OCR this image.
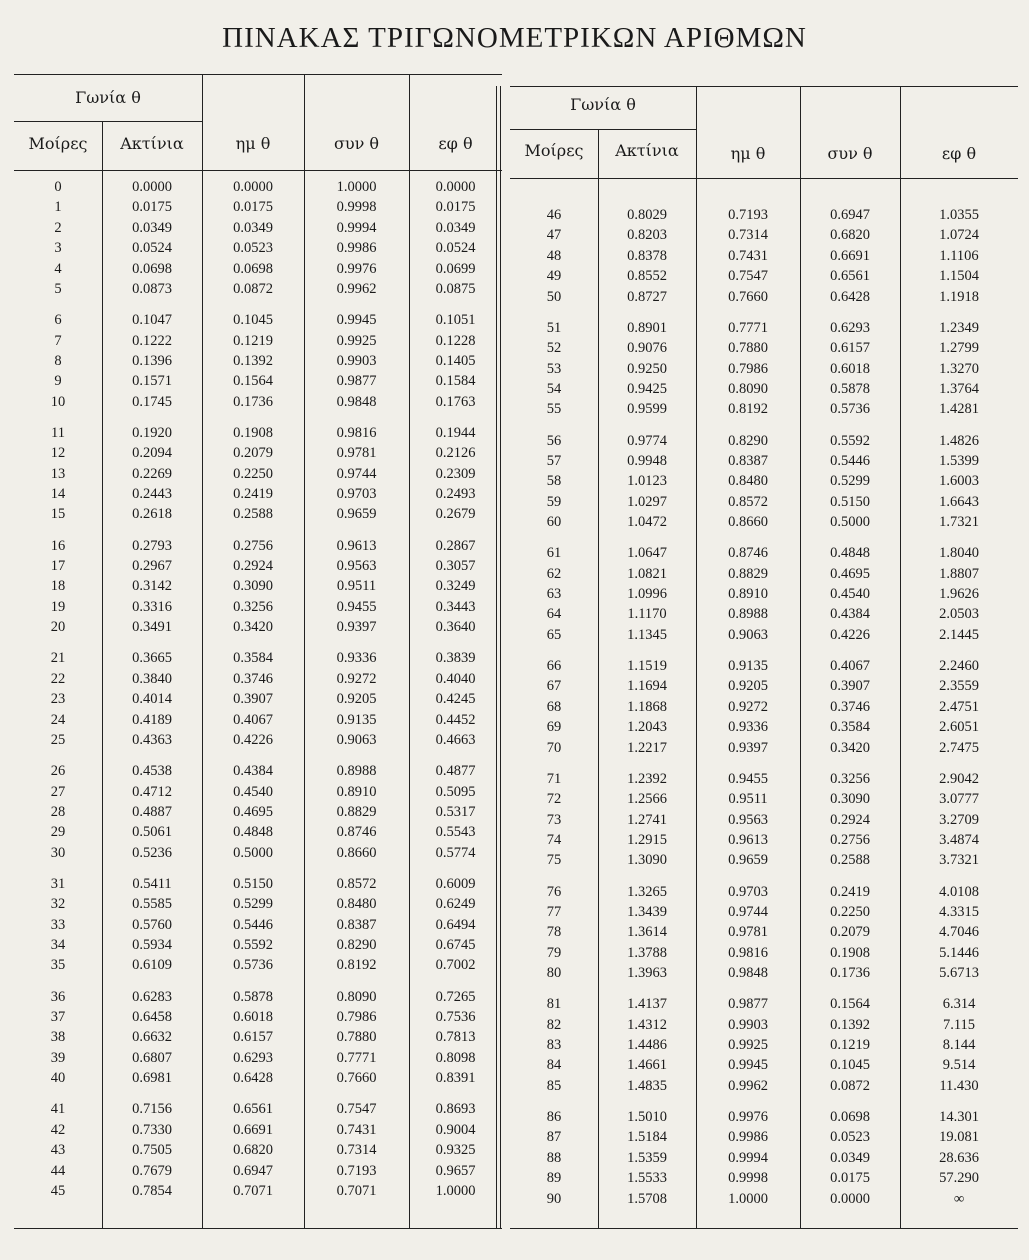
ΠΙΝΑΚΑΣ ΤΡΙΓΩΝΟΜΕΤΡΙΚΩΝ ΑΡΙΘΜΩΝ
Γωνία θ
Μοίρες	Ακτίνια	ημ θ	συν θ	εφ θ
0	0.0000	0.0000	1.0000	0.0000
1	0.0175	0.0175	0.9998	0.0175
2	0.0349	0.0349	0.9994	0.0349
3	0.0524	0.0523	0.9986	0.0524
4	0.0698	0.0698	0.9976	0.0699
5	0.0873	0.0872	0.9962	0.0875
6	0.1047	0.1045	0.9945	0.1051
7	0.1222	0.1219	0.9925	0.1228
8	0.1396	0.1392	0.9903	0.1405
9	0.1571	0.1564	0.9877	0.1584
10	0.1745	0.1736	0.9848	0.1763
11	0.1920	0.1908	0.9816	0.1944
12	0.2094	0.2079	0.9781	0.2126
13	0.2269	0.2250	0.9744	0.2309
14	0.2443	0.2419	0.9703	0.2493
15	0.2618	0.2588	0.9659	0.2679
16	0.2793	0.2756	0.9613	0.2867
17	0.2967	0.2924	0.9563	0.3057
18	0.3142	0.3090	0.9511	0.3249
19	0.3316	0.3256	0.9455	0.3443
20	0.3491	0.3420	0.9397	0.3640
21	0.3665	0.3584	0.9336	0.3839
22	0.3840	0.3746	0.9272	0.4040
23	0.4014	0.3907	0.9205	0.4245
24	0.4189	0.4067	0.9135	0.4452
25	0.4363	0.4226	0.9063	0.4663
26	0.4538	0.4384	0.8988	0.4877
27	0.4712	0.4540	0.8910	0.5095
28	0.4887	0.4695	0.8829	0.5317
29	0.5061	0.4848	0.8746	0.5543
30	0.5236	0.5000	0.8660	0.5774
31	0.5411	0.5150	0.8572	0.6009
32	0.5585	0.5299	0.8480	0.6249
33	0.5760	0.5446	0.8387	0.6494
34	0.5934	0.5592	0.8290	0.6745
35	0.6109	0.5736	0.8192	0.7002
36	0.6283	0.5878	0.8090	0.7265
37	0.6458	0.6018	0.7986	0.7536
38	0.6632	0.6157	0.7880	0.7813
39	0.6807	0.6293	0.7771	0.8098
40	0.6981	0.6428	0.7660	0.8391
41	0.7156	0.6561	0.7547	0.8693
42	0.7330	0.6691	0.7431	0.9004
43	0.7505	0.6820	0.7314	0.9325
44	0.7679	0.6947	0.7193	0.9657
45	0.7854	0.7071	0.7071	1.0000
Γωνία θ
Μοίρες	Ακτίνια	ημ θ	συν θ	εφ θ
46	0.8029	0.7193	0.6947	1.0355
47	0.8203	0.7314	0.6820	1.0724
48	0.8378	0.7431	0.6691	1.1106
49	0.8552	0.7547	0.6561	1.1504
50	0.8727	0.7660	0.6428	1.1918
51	0.8901	0.7771	0.6293	1.2349
52	0.9076	0.7880	0.6157	1.2799
53	0.9250	0.7986	0.6018	1.3270
54	0.9425	0.8090	0.5878	1.3764
55	0.9599	0.8192	0.5736	1.4281
56	0.9774	0.8290	0.5592	1.4826
57	0.9948	0.8387	0.5446	1.5399
58	1.0123	0.8480	0.5299	1.6003
59	1.0297	0.8572	0.5150	1.6643
60	1.0472	0.8660	0.5000	1.7321
61	1.0647	0.8746	0.4848	1.8040
62	1.0821	0.8829	0.4695	1.8807
63	1.0996	0.8910	0.4540	1.9626
64	1.1170	0.8988	0.4384	2.0503
65	1.1345	0.9063	0.4226	2.1445
66	1.1519	0.9135	0.4067	2.2460
67	1.1694	0.9205	0.3907	2.3559
68	1.1868	0.9272	0.3746	2.4751
69	1.2043	0.9336	0.3584	2.6051
70	1.2217	0.9397	0.3420	2.7475
71	1.2392	0.9455	0.3256	2.9042
72	1.2566	0.9511	0.3090	3.0777
73	1.2741	0.9563	0.2924	3.2709
74	1.2915	0.9613	0.2756	3.4874
75	1.3090	0.9659	0.2588	3.7321
76	1.3265	0.9703	0.2419	4.0108
77	1.3439	0.9744	0.2250	4.3315
78	1.3614	0.9781	0.2079	4.7046
79	1.3788	0.9816	0.1908	5.1446
80	1.3963	0.9848	0.1736	5.6713
81	1.4137	0.9877	0.1564	6.314
82	1.4312	0.9903	0.1392	7.115
83	1.4486	0.9925	0.1219	8.144
84	1.4661	0.9945	0.1045	9.514
85	1.4835	0.9962	0.0872	11.430
86	1.5010	0.9976	0.0698	14.301
87	1.5184	0.9986	0.0523	19.081
88	1.5359	0.9994	0.0349	28.636
89	1.5533	0.9998	0.0175	57.290
90	1.5708	1.0000	0.0000	∞
